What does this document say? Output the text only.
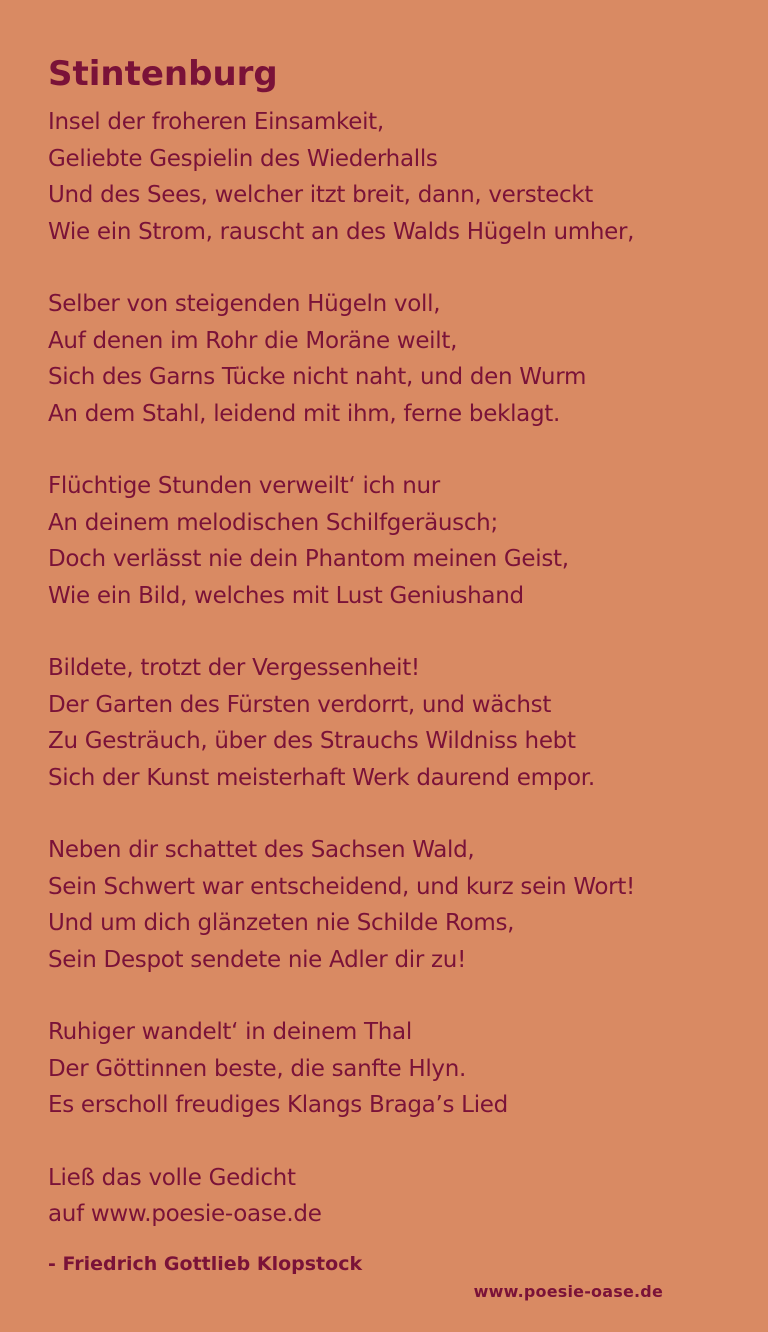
Stintenburg
Insel der froheren Einsamkeit,
Geliebte Gespielin des Wiederhalls
Und des Sees, welcher itzt breit, dann, versteckt
Wie ein Strom, rauscht an des Walds Hügeln umher,
Selber von steigenden Hügeln voll,
Auf denen im Rohr die Moräne weilt,
Sich des Garns Tücke nicht naht, und den Wurm
An dem Stahl, leidend mit ihm, ferne beklagt.
Flüchtige Stunden verweilt‘ ich nur
An deinem melodischen Schilfgeräusch;
Doch verlässt nie dein Phantom meinen Geist,
Wie ein Bild, welches mit Lust Geniushand
Bildete, trotzt der Vergessenheit!
Der Garten des Fürsten verdorrt, und wächst
Zu Gesträuch, über des Strauchs Wildniss hebt
Sich der Kunst meisterhaft Werk daurend empor.
Neben dir schattet des Sachsen Wald,
Sein Schwert war entscheidend, und kurz sein Wort!
Und um dich glänzeten nie Schilde Roms,
Sein Despot sendete nie Adler dir zu!
Ruhiger wandelt‘ in deinem Thal
Der Göttinnen beste, die sanfte Hlyn.
Es erscholl freudiges Klangs Braga’s Lied
Ließ das volle Gedicht
auf www.poesie-oase.de
- Friedrich Gottlieb Klopstock
www.poesie-oase.de
